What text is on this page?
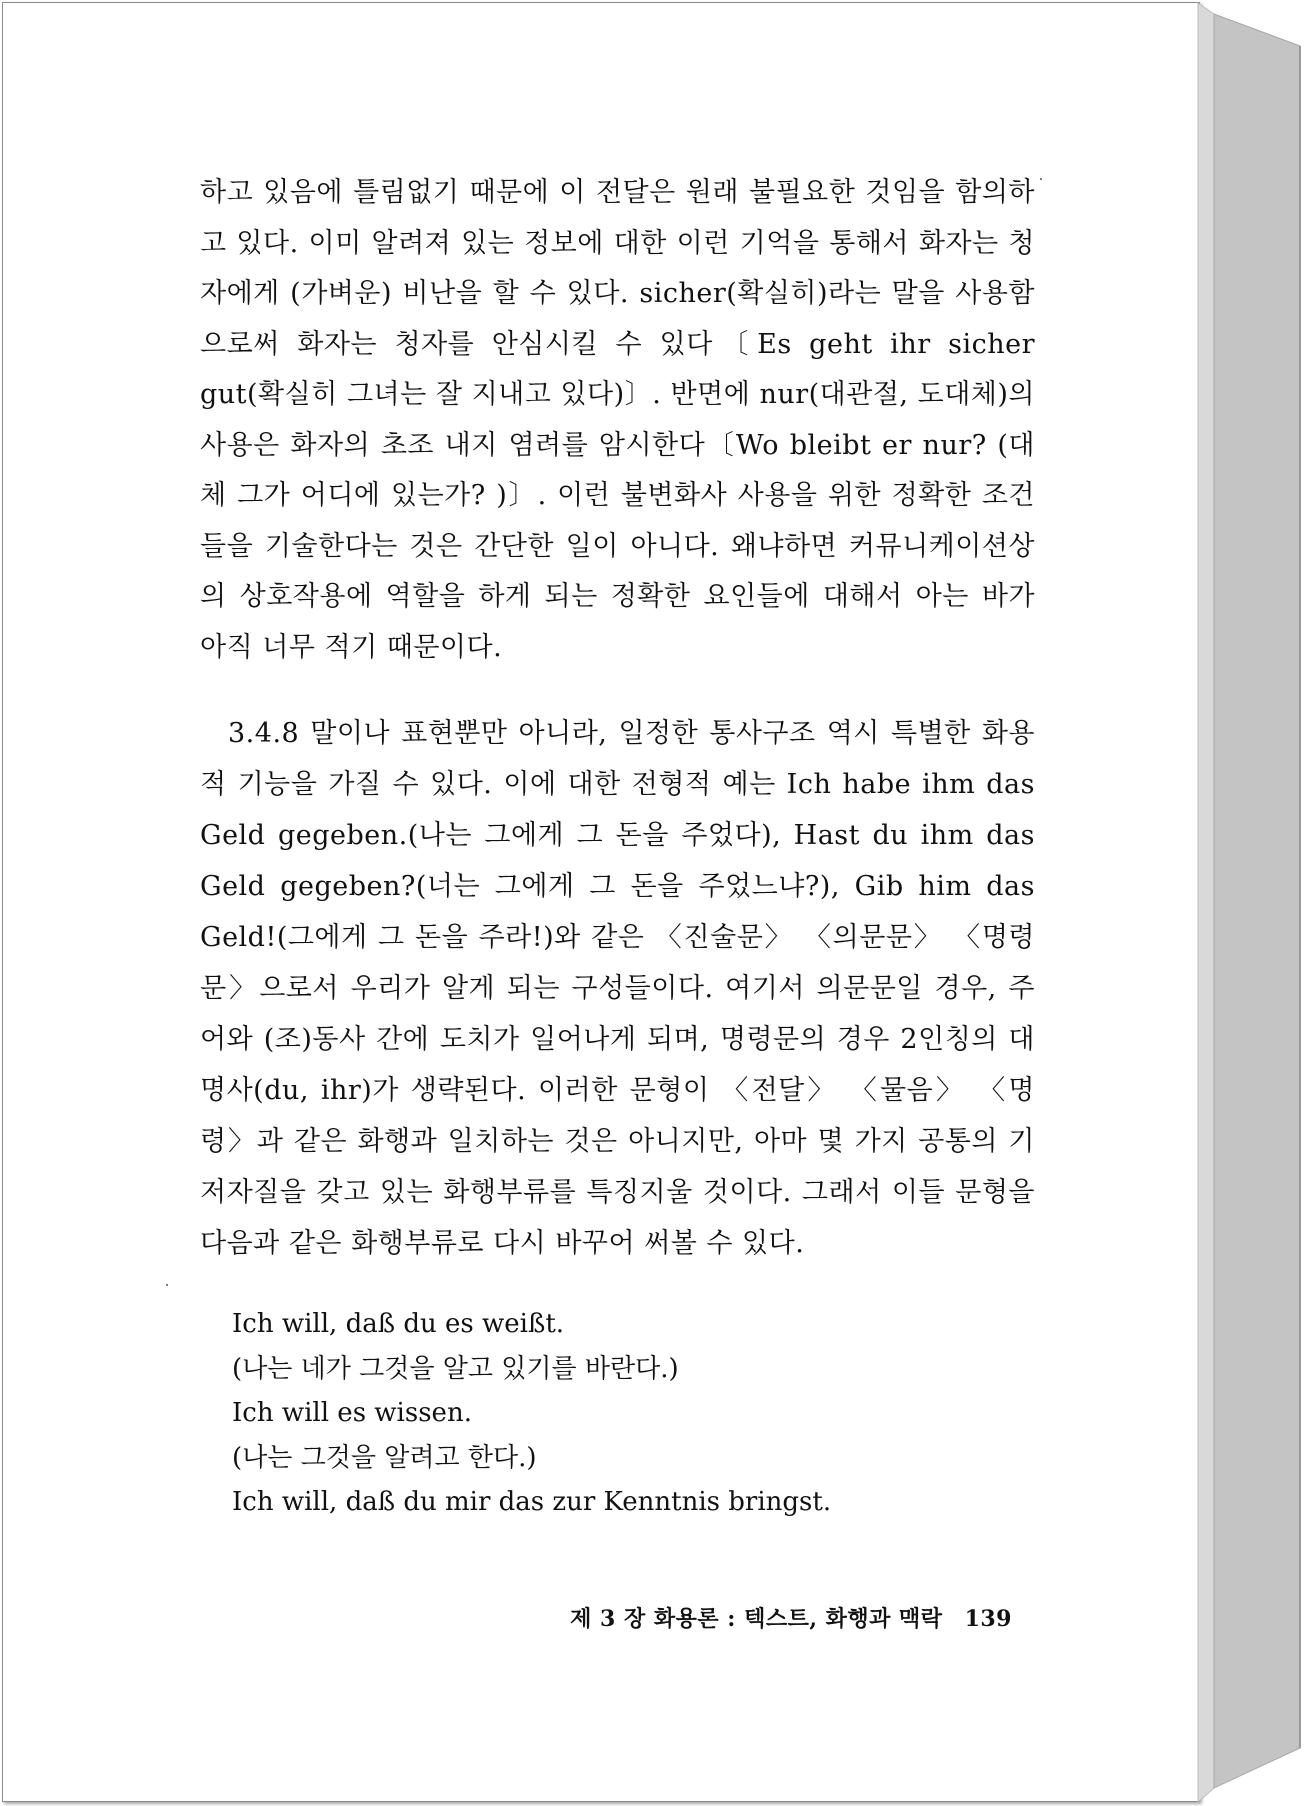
하고 있음에 틀림없기 때문에 이 전달은 원래 불필요한 것임을 함의하고 있다. 이미 알려져 있는 정보에 대한 이런 기억을 통해서 화자는 청자에게 (가벼운) 비난을 할 수 있다. sicher(확실히)라는 말을 사용함으로써 화자는 청자를 안심시킬 수 있다〔Es geht ihr sicher gut(확실히 그녀는 잘 지내고 있다)〕. 반면에 nur(대관절, 도대체)의 사용은 화자의 초조 내지 염려를 암시한다〔Wo bleibt er nur? (대체 그가 어디에 있는가? )〕. 이런 불변화사 사용을 위한 정확한 조건들을 기술한다는 것은 간단한 일이 아니다. 왜냐하면 커뮤니케이션상의 상호작용에 역할을 하게 되는 정확한 요인들에 대해서 아는 바가 아직 너무 적기 때문이다.
3.4.8 말이나 표현뿐만 아니라, 일정한 통사구조 역시 특별한 화용적 기능을 가질 수 있다. 이에 대한 전형적 예는 Ich habe ihm das Geld gegeben.(나는 그에게 그 돈을 주었다), Hast du ihm das Geld gegeben?(너는 그에게 그 돈을 주었느냐?), Gib him das Geld!(그에게 그 돈을 주라!)와 같은 〈진술문〉 〈의문문〉 〈명령문〉으로서 우리가 알게 되는 구성들이다. 여기서 의문문일 경우, 주어와 (조)동사 간에 도치가 일어나게 되며, 명령문의 경우 2인칭의 대명사(du, ihr)가 생략된다. 이러한 문형이 〈전달〉 〈물음〉 〈명령〉과 같은 화행과 일치하는 것은 아니지만, 아마 몇 가지 공통의 기저자질을 갖고 있는 화행부류를 특징지울 것이다. 그래서 이들 문형을 다음과 같은 화행부류로 다시 바꾸어 써볼 수 있다.
Ich will, daß du es weißt.
(나는 네가 그것을 알고 있기를 바란다.)
Ich will es wissen.
(나는 그것을 알려고 한다.)
Ich will, daß du mir das zur Kenntnis bringst.
제 3 장 화용론 : 텍스트, 화행과 맥락 139
